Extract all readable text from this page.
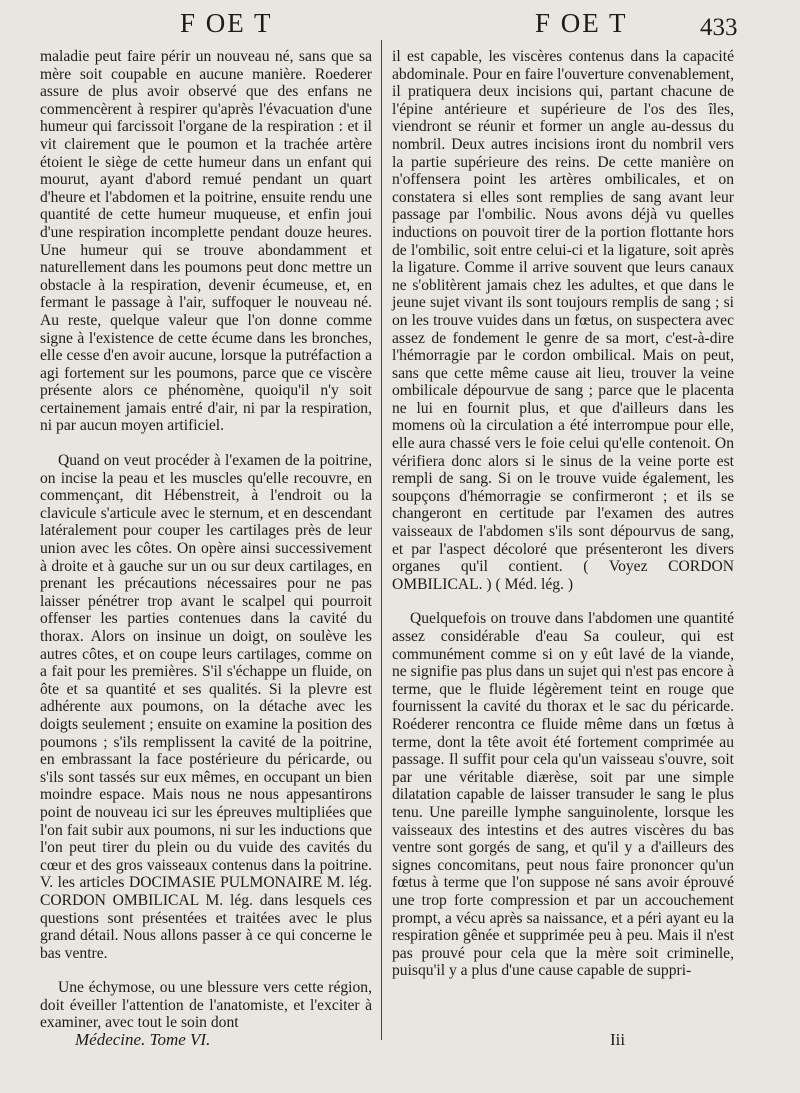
F OE T	F OE T	433

maladie peut faire périr un nouveau né, sans que sa mère soit coupable en aucune manière. Roederer assure de plus avoir observé que des enfans ne commencèrent à respirer qu'après l'évacuation d'une humeur qui farcissoit l'organe de la respiration : et il vit clairement que le poumon et la trachée artère étoient le siège de cette humeur dans un enfant qui mourut, ayant d'abord remué pendant un quart d'heure et l'abdomen et la poitrine, ensuite rendu une quantité de cette humeur muqueuse, et enfin joui d'une respiration incomplette pendant douze heures. Une humeur qui se trouve abondamment et naturellement dans les poumons peut donc mettre un obstacle à la respiration, devenir écumeuse, et, en fermant le passage à l'air, suffoquer le nouveau né. Au reste, quelque valeur que l'on donne comme signe à l'existence de cette écume dans les bronches, elle cesse d'en avoir aucune, lorsque la putréfaction a agi fortement sur les poumons, parce que ce viscère présente alors ce phénomène, quoiqu'il n'y soit certainement jamais entré d'air, ni par la respiration, ni par aucun moyen artificiel.

Quand on veut procéder à l'examen de la poitrine, on incise la peau et les muscles qu'elle recouvre, en commençant, dit Hébenstreit, à l'endroit ou la clavicule s'articule avec le sternum, et en descendant latéralement pour couper les cartilages près de leur union avec les côtes. On opère ainsi successivement à droite et à gauche sur un ou sur deux cartilages, en prenant les précautions nécessaires pour ne pas laisser pénétrer trop avant le scalpel qui pourroit offenser les parties contenues dans la cavité du thorax. Alors on insinue un doigt, on soulève les autres côtes, et on coupe leurs cartilages, comme on a fait pour les premières. S'il s'échappe un fluide, on ôte et sa quantité et ses qualités. Si la plevre est adhérente aux poumons, on la détache avec les doigts seulement ; ensuite on examine la position des poumons ; s'ils remplissent la cavité de la poitrine, en embrassant la face postérieure du péricarde, ou s'ils sont tassés sur eux mêmes, en occupant un bien moindre espace. Mais nous ne nous appesantirons point de nouveau ici sur les épreuves multipliées que l'on fait subir aux poumons, ni sur les inductions que l'on peut tirer du plein ou du vuide des cavités du cœur et des gros vaisseaux contenus dans la poitrine. V. les articles DOCIMASIE PULMONAIRE M. lég. CORDON OMBILICAL M. lég. dans lesquels ces questions sont présentées et traitées avec le plus grand détail. Nous allons passer à ce qui concerne le bas ventre.

Une échymose, ou une blessure vers cette région, doit éveiller l'attention de l'anatomiste, et l'exciter à examiner, avec tout le soin dont

il est capable, les viscères contenus dans la capacité abdominale. Pour en faire l'ouverture convenablement, il pratiquera deux incisions qui, partant chacune de l'épine antérieure et supérieure de l'os des îles, viendront se réunir et former un angle au-dessus du nombril. Deux autres incisions iront du nombril vers la partie supérieure des reins. De cette manière on n'offensera point les artères ombilicales, et on constatera si elles sont remplies de sang avant leur passage par l'ombilic. Nous avons déjà vu quelles inductions on pouvoit tirer de la portion flottante hors de l'ombilic, soit entre celui-ci et la ligature, soit après la ligature. Comme il arrive souvent que leurs canaux ne s'oblitèrent jamais chez les adultes, et que dans le jeune sujet vivant ils sont toujours remplis de sang ; si on les trouve vuides dans un fœtus, on suspectera avec assez de fondement le genre de sa mort, c'est-à-dire l'hémorragie par le cordon ombilical. Mais on peut, sans que cette même cause ait lieu, trouver la veine ombilicale dépourvue de sang ; parce que le placenta ne lui en fournit plus, et que d'ailleurs dans les momens où la circulation a été interrompue pour elle, elle aura chassé vers le foie celui qu'elle contenoit. On vérifiera donc alors si le sinus de la veine porte est rempli de sang. Si on le trouve vuide également, les soupçons d'hémorragie se confirmeront ; et ils se changeront en certitude par l'examen des autres vaisseaux de l'abdomen s'ils sont dépourvus de sang, et par l'aspect décoloré que présenteront les divers organes qu'il contient. ( Voyez CORDON OMBILICAL. ) ( Méd. lég. )

Quelquefois on trouve dans l'abdomen une quantité assez considérable d'eau Sa couleur, qui est communément comme si on y eût lavé de la viande, ne signifie pas plus dans un sujet qui n'est pas encore à terme, que le fluide légèrement teint en rouge que fournissent la cavité du thorax et le sac du péricarde. Roéderer rencontra ce fluide même dans un fœtus à terme, dont la tête avoit été fortement comprimée au passage. Il suffit pour cela qu'un vaisseau s'ouvre, soit par une véritable diærèse, soit par une simple dilatation capable de laisser transuder le sang le plus tenu. Une pareille lymphe sanguinolente, lorsque les vaisseaux des intestins et des autres viscères du bas ventre sont gorgés de sang, et qu'il y a d'ailleurs des signes concomitans, peut nous faire prononcer qu'un fœtus à terme que l'on suppose né sans avoir éprouvé une trop forte compression et par un accouchement prompt, a vécu après sa naissance, et a péri ayant eu la respiration gênée et supprimée peu à peu. Mais il n'est pas prouvé pour cela que la mère soit criminelle, puisqu'il y a plus d'une cause capable de suppri-

Médecine. Tome VI.	Iii
